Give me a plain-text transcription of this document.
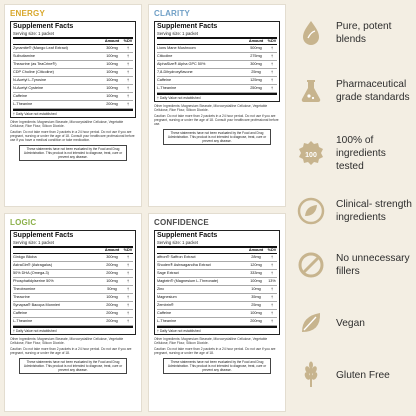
ENERGY
Supplement Facts
Serving size: 1 packet
Amount	%DV
Zynamite® (Mango Leaf Extract)	300mg	†
Sulbutiamine	100mg	†
Theacrine (as TeaCrine®)	100mg	†
CDP Choline (Citicoline)	100mg	†
N-Acetyl L-Tyrosine	100mg	†
N-Acetyl Cysteine	100mg	†
Caffeine	100mg	†
L-Theanine	200mg	†
† Daily Value not established
Other Ingredients: Magnesium Stearate, Microcrystalline Cellulose, Vegetable Cellulose, Rice Flour, Silicon Dioxide.
Caution: Do not take more than 2 packets in a 24 hour period. Do not use if you are pregnant, nursing or under the age of 18. Consult your healthcare professional before use if you have a medical condition or take medication.
These statements have not been evaluated by the Food and Drug Administration. This product is not intended to diagnose, treat, cure or prevent any disease.
CLARITY
Supplement Facts
Serving size: 1 packet
Amount	%DV
Lions Mane Mushroom	500mg	†
Citicoline	275mg	†
AlphaSize® Alpha GPC 50%	300mg	†
7,8-Dihydroxyflavone	25mg	†
Caffeine	125mg	†
L-Theanine	250mg	†
† Daily Value not established
Other Ingredients: Magnesium Stearate, Microcrystalline Cellulose, Vegetable Cellulose, Rice Flour, Silicon Dioxide.
Caution: Do not take more than 2 packets in a 24 hour period. Do not use if you are pregnant, nursing or under the age of 18. Consult your healthcare professional before use.
These statements have not been evaluated by the Food and Drug Administration. This product is not intended to diagnose, treat, cure or prevent any disease.
LOGIC
Supplement Facts
Serving size: 1 packet
Amount	%DV
Ginkgo Biloba	300mg	†
AstraGin® (Astragalus)	200mg	†
50% DHA (Omega-3)	200mg	†
Phosphatidylserine 50%	100mg	†
Theobromine	50mg	†
Theacrine	100mg	†
Synapsa® Bacopa Monnieri	200mg	†
Caffeine	200mg	†
L-Theanine	200mg	†
† Daily Value not established
Other Ingredients: Magnesium Stearate, Microcrystalline Cellulose, Vegetable Cellulose, Rice Flour, Silicon Dioxide.
Caution: Do not take more than 2 packets in a 24 hour period. Do not use if you are pregnant, nursing or under the age of 18.
These statements have not been evaluated by the Food and Drug Administration. This product is not intended to diagnose, treat, cure or prevent any disease.
CONFIDENCE
Supplement Facts
Serving size: 1 packet
Amount	%DV
affron® Saffron Extract	28mg	†
Shoden® Ashwagandha Extract	120mg	†
Sage Extract	333mg	†
Magtein® (Magnesium L-Threonate)	100mg	13%
Zinc	10mg	†
Magnesium	35mg	†
Zembrin®	25mg	†
Caffeine	100mg	†
L-Theanine	200mg	†
† Daily Value not established
Other Ingredients: Magnesium Stearate, Microcrystalline Cellulose, Vegetable Cellulose, Rice Flour, Silicon Dioxide.
Caution: Do not take more than 2 packets in a 24 hour period. Do not use if you are pregnant, nursing or under the age of 18.
These statements have not been evaluated by the Food and Drug Administration. This product is not intended to diagnose, treat, cure or prevent any disease.
Pure, potent blends
Pharmaceutical grade standards
100
100% of ingredients tested
Clinical- strength ingredients
No unnecessary fillers
Vegan
Gluten Free
